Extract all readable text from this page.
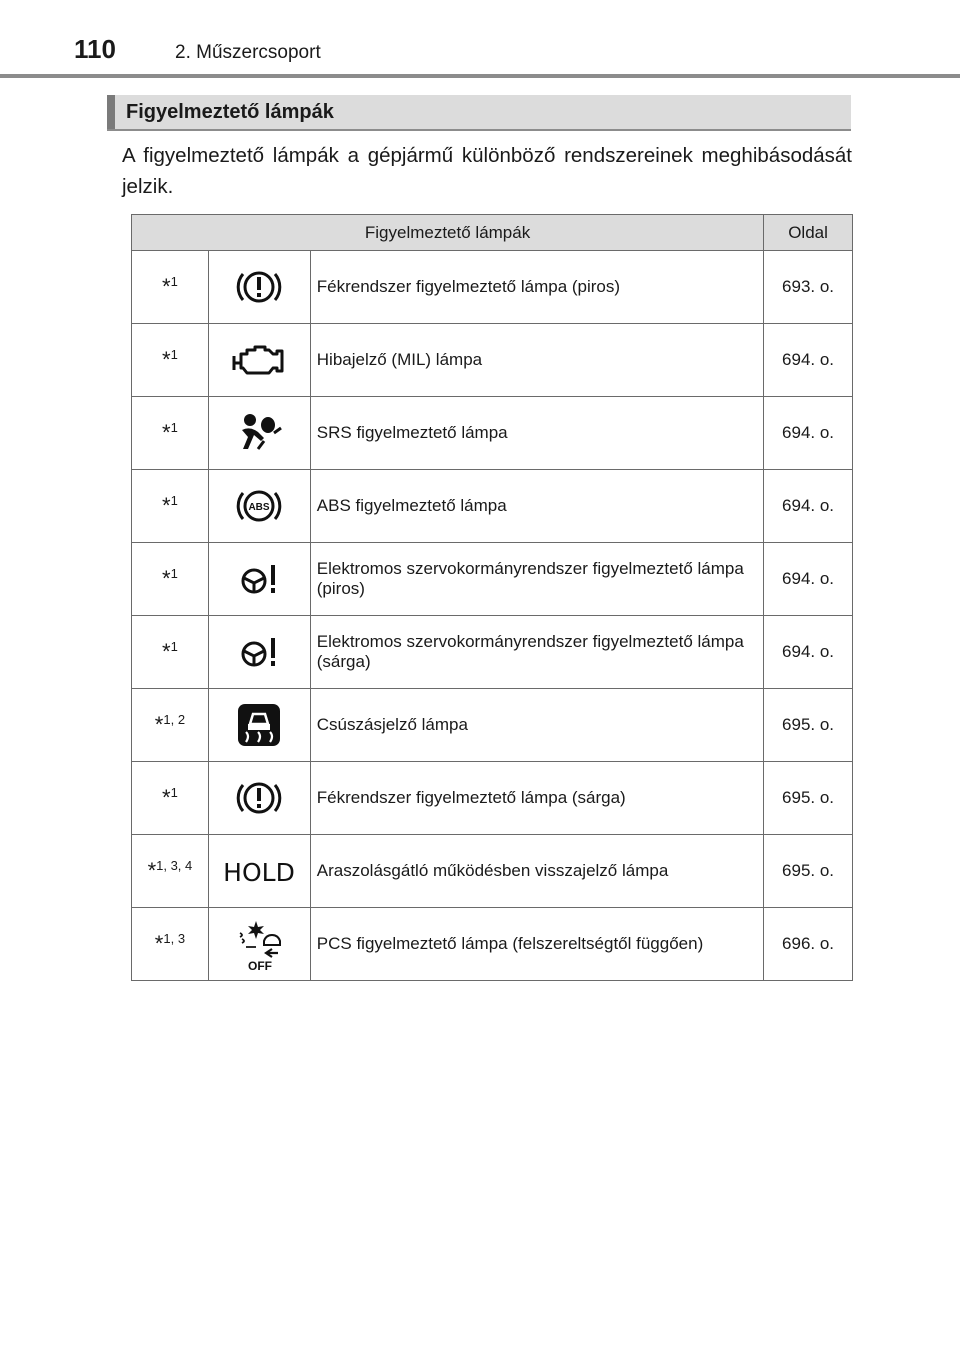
110	2. Műszercsoport
Figyelmeztető lámpák
A figyelmeztető lámpák a gépjármű különböző rendszereinek meghibásodását jelzik.
Figyelmeztető lámpák			Oldal
*$^1$		Fékrendszer figyelmeztető lámpa (piros)	693. o.
*$^1$		Hibajelző (MIL) lámpa	694. o.
*$^1$		SRS figyelmeztető lámpa	694. o.
*$^1$	ABS	ABS figyelmeztető lámpa	694. o.
*$^1$		Elektromos szervokormányrendszer figyelmeztető lámpa (piros)	694. o.
*$^1$		Elektromos szervokormányrendszer figyelmeztető lámpa (sárga)	694. o.
*$^{1, 2}$		Csúszásjelző lámpa	695. o.
*$^1$		Fékrendszer figyelmeztető lámpa (sárga)	695. o.
*$^{1, 3, 4}$	HOLD	Araszolásgátló működésben visszajelző lámpa	695. o.
*$^{1, 3}$	OFF	PCS figyelmeztető lámpa (felszereltségtől függően)	696. o.
